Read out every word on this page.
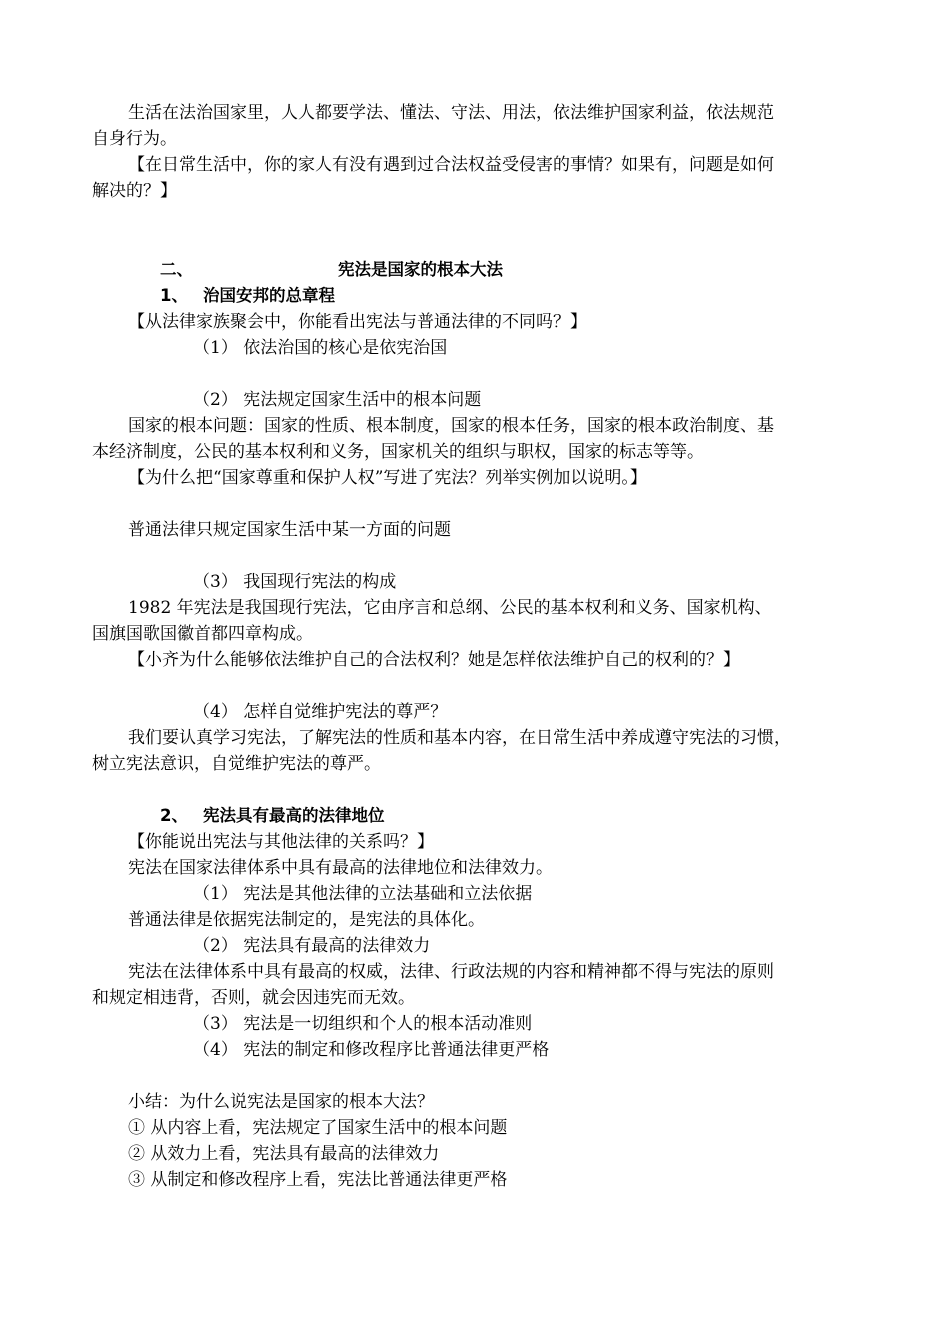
生活在法治国家里，人人都要学法、懂法、守法、用法，依法维护国家利益，依法规范
自身行为。
【在日常生活中，你的家人有没有遇到过合法权益受侵害的事情？如果有，问题是如何
解决的？】
二、	宪法是国家的根本大法
1、 治国安邦的总章程
【从法律家族聚会中，你能看出宪法与普通法律的不同吗？】
（1） 依法治国的核心是依宪治国
（2） 宪法规定国家生活中的根本问题
国家的根本问题：国家的性质、根本制度，国家的根本任务，国家的根本政治制度、基
本经济制度，公民的基本权利和义务，国家机关的组织与职权，国家的标志等等。
【为什么把“国家尊重和保护人权”写进了宪法？列举实例加以说明。】
普通法律只规定国家生活中某一方面的问题
（3） 我国现行宪法的构成
1982 年宪法是我国现行宪法，它由序言和总纲、公民的基本权利和义务、国家机构、
国旗国歌国徽首都四章构成。
【小齐为什么能够依法维护自己的合法权利？她是怎样依法维护自己的权利的？】
（4） 怎样自觉维护宪法的尊严？
我们要认真学习宪法，了解宪法的性质和基本内容，在日常生活中养成遵守宪法的习惯，
树立宪法意识，自觉维护宪法的尊严。
2、 宪法具有最高的法律地位
【你能说出宪法与其他法律的关系吗？】
宪法在国家法律体系中具有最高的法律地位和法律效力。
（1） 宪法是其他法律的立法基础和立法依据
普通法律是依据宪法制定的，是宪法的具体化。
（2） 宪法具有最高的法律效力
宪法在法律体系中具有最高的权威，法律、行政法规的内容和精神都不得与宪法的原则
和规定相违背，否则，就会因违宪而无效。
（3） 宪法是一切组织和个人的根本活动准则
（4） 宪法的制定和修改程序比普通法律更严格
小结：为什么说宪法是国家的根本大法？
① 从内容上看，宪法规定了国家生活中的根本问题
② 从效力上看，宪法具有最高的法律效力
③ 从制定和修改程序上看，宪法比普通法律更严格
